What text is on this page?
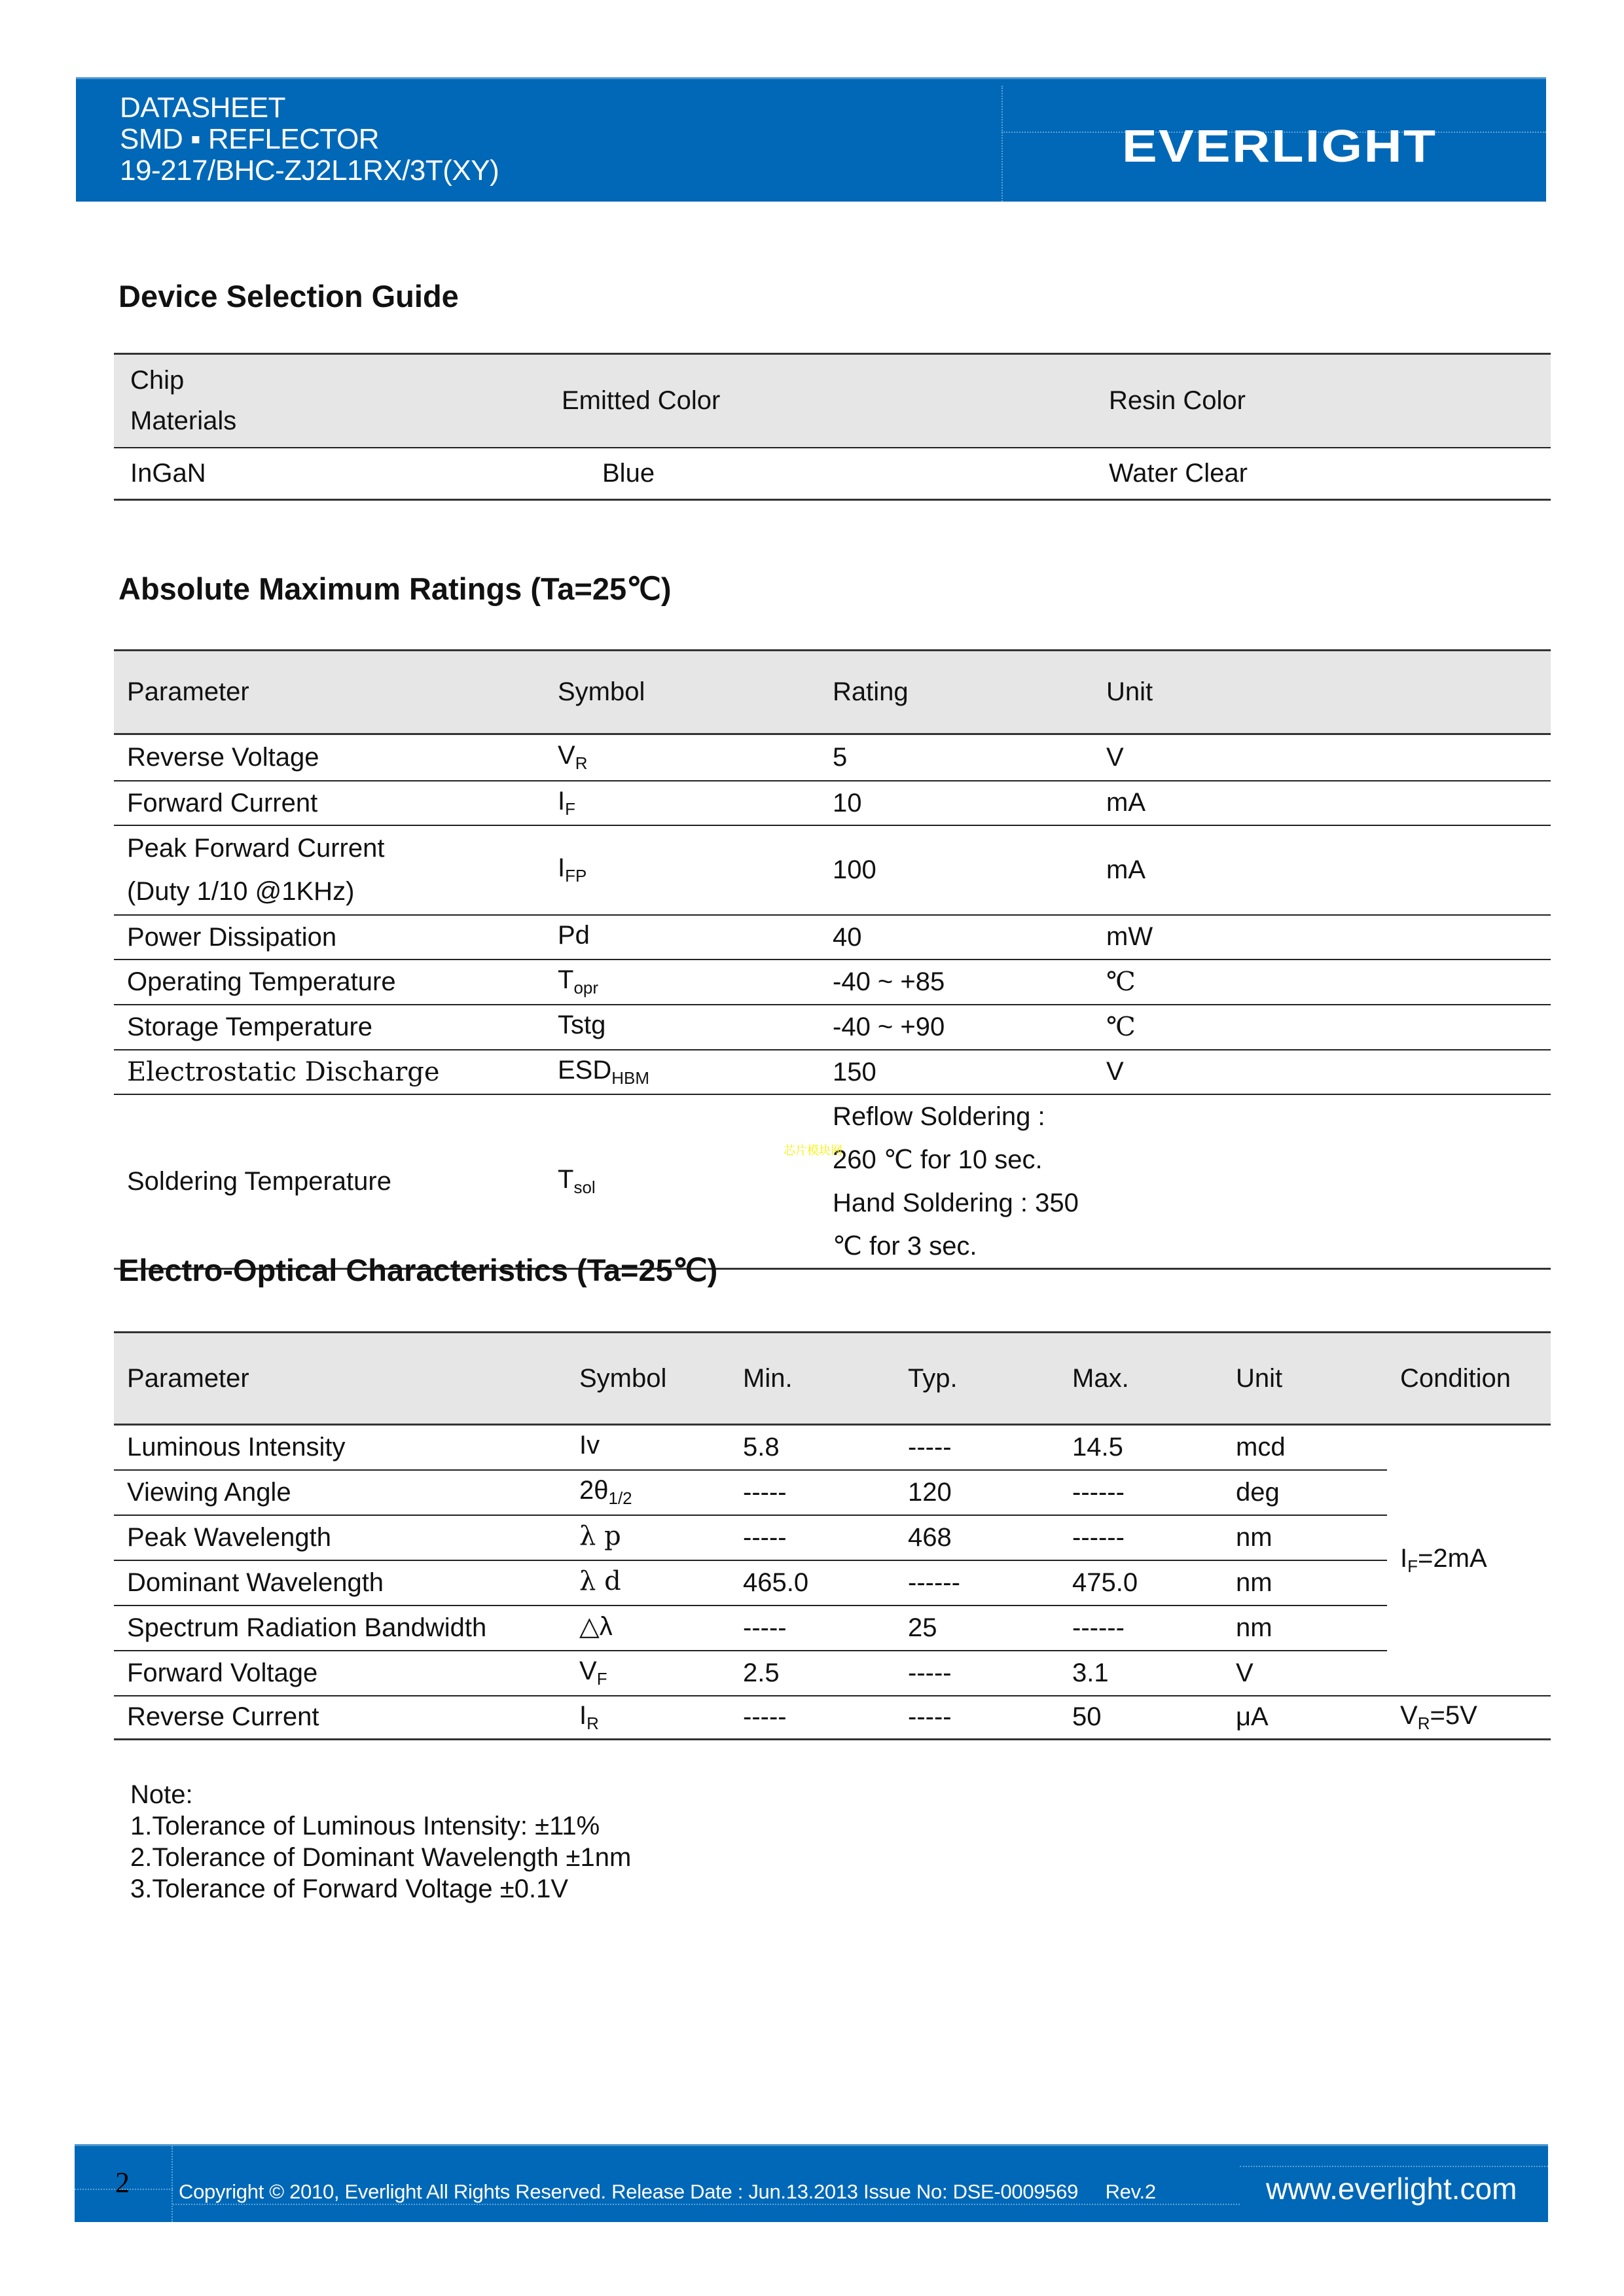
DATASHEET
SMD ▪ REFLECTOR
19-217/BHC-ZJ2L1RX/3T(XY)	EVERLIGHT
Device Selection Guide
Chip
Materials	Emitted Color	Resin Color
InGaN	Blue	Water Clear
Absolute Maximum Ratings (Ta=25℃)
Parameter	Symbol	Rating	Unit
Reverse Voltage	$V_R$	5	V
Forward Current	$I_F$	10	mA
Peak Forward Current
(Duty 1/10 @1KHz)	$I_{FP}$	100	mA
Power Dissipation	Pd	40	mW
Operating Temperature	$T_{opr}$	-40 ~ +85	℃
Storage Temperature	Tstg	-40 ~ +90	℃
Electrostatic Discharge	$ESD_{HBM}$	150	V
Soldering Temperature	$T_{sol}$	Reflow Soldering : 260 ℃ for 10 sec.
Hand Soldering : 350 ℃ for 3 sec.	
Electro-Optical Characteristics (Ta=25℃)
Parameter	Symbol	Min.	Typ.	Max.	Unit	Condition
Luminous Intensity	Iv	5.8	-----	14.5	mcd	$I_F=2mA$
Viewing Angle	$2\theta_{1/2}$	-----	120	------	deg	
Peak Wavelength	λ p	-----	468	------	nm	
Dominant Wavelength	λ d	465.0	------	475.0	nm	
Spectrum Radiation Bandwidth	△λ	-----	25	------	nm	
Forward Voltage	$V_F$	2.5	-----	3.1	V	
Reverse Current	$I_R$	-----	-----	50	μA	$V_R=5V$
Note:
1.Tolerance of Luminous Intensity: ±11%
2.Tolerance of Dominant Wavelength ±1nm
3.Tolerance of Forward Voltage ±0.1V
芯片模块网
2 Copyright © 2010, Everlight All Rights Reserved. Release Date : Jun.13.2013 Issue No: DSE-0009569     Rev.2	www.everlight.com
